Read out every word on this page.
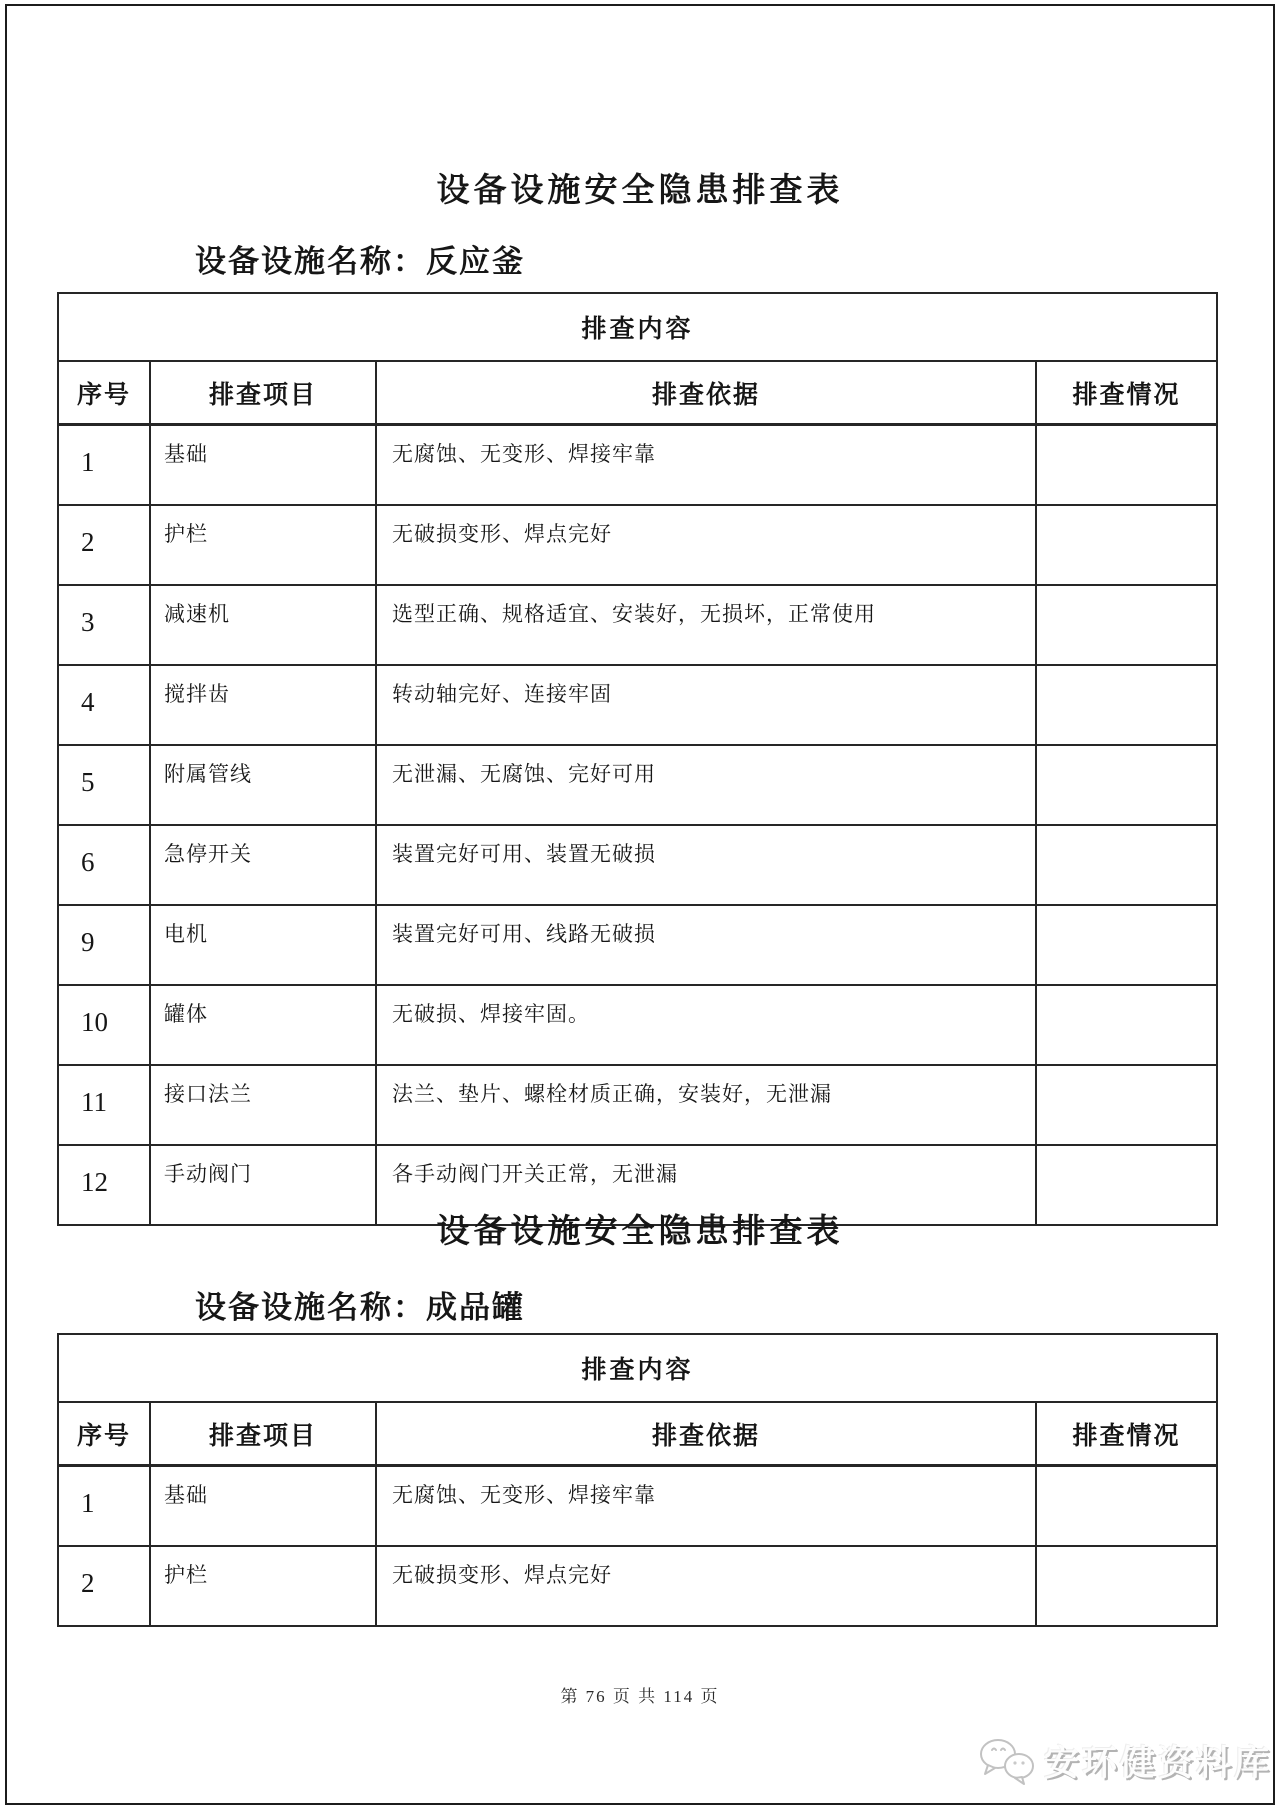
设备设施安全隐患排查表
设备设施名称：反应釜
排查内容			
序号	排查项目	排查依据	排查情况
1	基础	无腐蚀、无变形、焊接牢靠	
2	护栏	无破损变形、焊点完好	
3	减速机	选型正确、规格适宜、安装好，无损坏，正常使用	
4	搅拌齿	转动轴完好、连接牢固	
5	附属管线	无泄漏、无腐蚀、完好可用	
6	急停开关	装置完好可用、装置无破损	
9	电机	装置完好可用、线路无破损	
10	罐体	无破损、焊接牢固。	
11	接口法兰	法兰、垫片、螺栓材质正确，安装好，无泄漏	
12	手动阀门	各手动阀门开关正常，无泄漏	
设备设施安全隐患排查表
设备设施名称：成品罐
排查内容			
序号	排查项目	排查依据	排查情况
1	基础	无腐蚀、无变形、焊接牢靠	
2	护栏	无破损变形、焊点完好	
第 76 页 共 114 页
安环健资料库
